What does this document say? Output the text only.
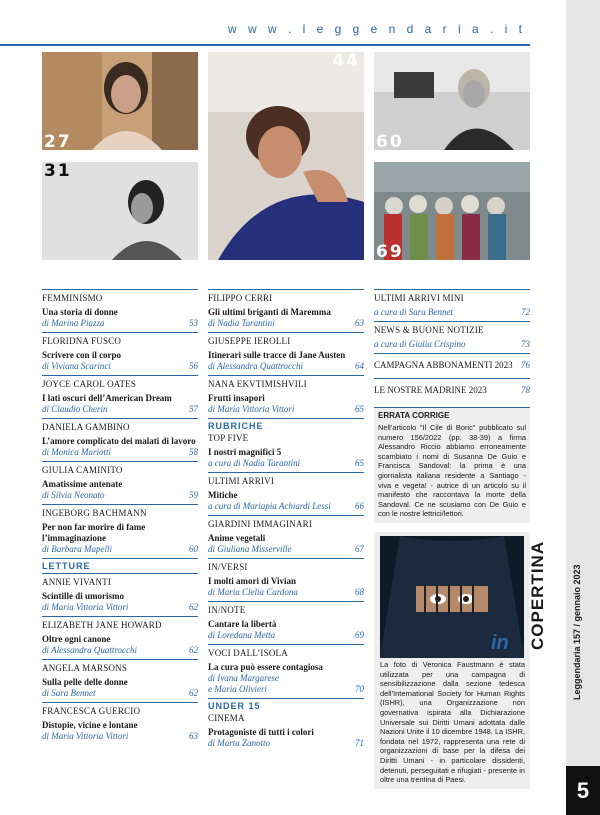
w w w . l e g g e n d a r i a . i t
27
31
44
60
69
FEMMINISMO
Una storia di donne
di Marina Piazza	53
FLORIDNA FUSCO
Scrivere con il corpo
di Viviana Scarinci	56
JOYCE CAROL OATES
I lati oscuri dell’American Dream
di Claudio Cherin	57
DANIELA GAMBINO
L’amore complicato dei malati di lavoro
di Monica Mariotti	58
GIULIA CAMINITO
Amatissime antenate
di Silvia Neonato	59
INGEBORG BACHMANN
Per non far morire di fame l’immaginazione
di Barbara Mapelli	60
LETTURE
ANNIE VIVANTI
Scintille di umorismo
di Maria Vittoria Vittori	62
ELIZABETH JANE HOWARD
Oltre ogni canone
di Alessandra Quattrocchi	62
ANGELA MARSONS
Sulla pelle delle donne
di Sara Bennet	62
FRANCESCA GUERCIO
Distopie, vicine e lontane
di Maria Vittoria Vittori	63
FILIPPO CERRI
Gli ultimi briganti di Maremma
di Nadia Tarantini	63
GIUSEPPE IEROLLI
Itinerari sulle tracce di Jane Austen
di Alessandra Quattrocchi	64
NANA EKVTIMISHVILI
Frutti insapori
di Maria Vittoria Vittori	65
RUBRICHE
TOP FIVE
I nostri magnifici 5
a cura di Nadia Tarantini	65
ULTIMI ARRIVI
Mitiche
a cura di Mariapia Achiardi Lessi	66
GIARDINI IMMAGINARI
Anime vegetali
di Giuliana Misserville	67
IN/VERSI
I molti amori di Vivian
di Maria Clelia Cardona	68
IN/NOTE
Cantare la libertà
di Loredana Metta	69
VOCI DALL’ISOLA
La cura può essere contagiosa
di Ivana Margarese
e Maria Olivieri	70
UNDER 15
CINEMA
Protagoniste di tutti i colori
di Marta Zanotto	71
ULTIMI ARRIVI MINI
a cura di Sara Bennet	72
NEWS & BUONE NOTIZIE
a cura di Giulia Crispino	73
CAMPAGNA ABBONAMENTI 2023 76
LE NOSTRE MADRINE 2023	78
ERRATA CORRIGE
Nell’articolo "Il Cile di Boric" pubblicato sul numero 156/2022 (pp. 38-39) a firma Alessandro Riccio abbiamo erroneamente scambiato i nomi di Susanna De Guio e Francisca Sandoval: la prima è una giornalista italiana residente a Santiago - viva e vegeta! - autrice di un articolo su il manifesto che raccontava la morte della Sandoval. Ce ne scusiamo con De Guio e con le nostre lettrici/lettori.
in COPERTINA
La foto di Veronica Faustmann è stata utilizzata per una campagna di sensibilizzazione dalla sezione tedesca dell’International Society for Human Rights (ISHR), una Organizzazione non governativa ispirata alla Dichiarazione Universale sui Diritti Umani adottata dalle Nazioni Unite il 10 dicembre 1948. La ISHR, fondata nel 1972, rappresenta una rete di organizzazioni di base per la difesa dei Diritti Umani - in particolare dissidenti, detenuti, perseguitati e rifugiati - presente in oltre una trentina di Paesi.
Leggendaria 157 / gennaio 2023
5
